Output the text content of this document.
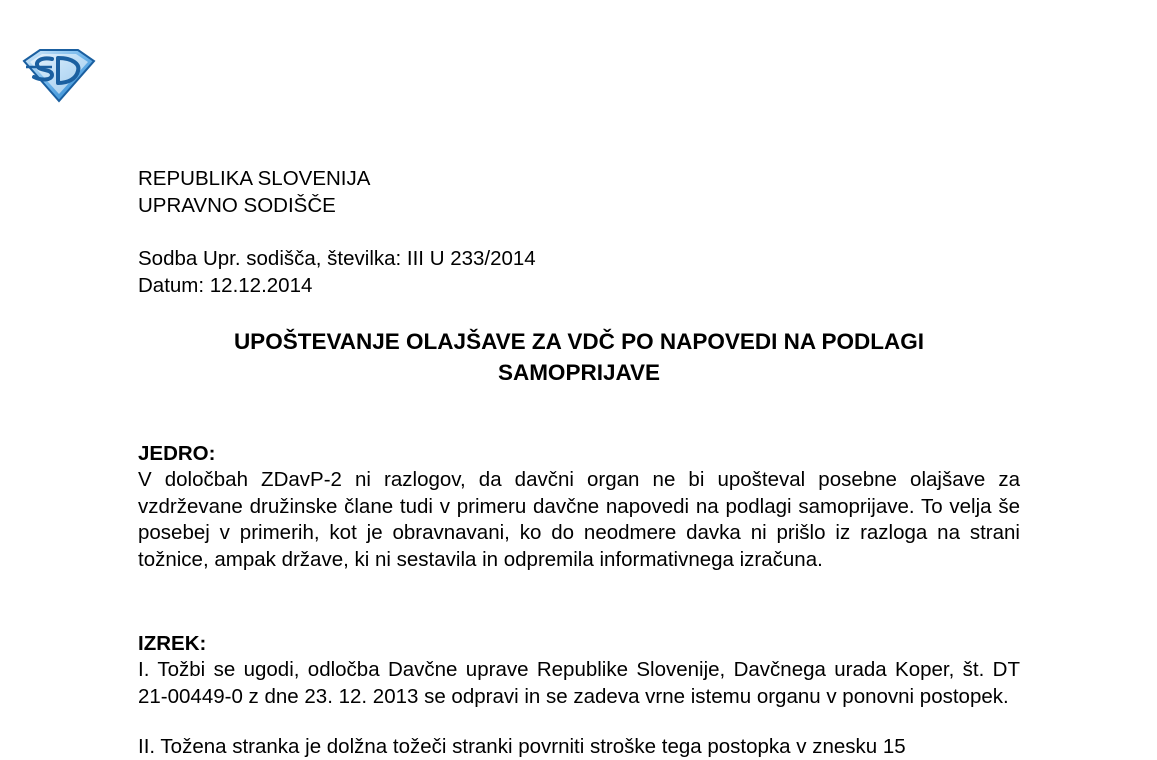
REPUBLIKA SLOVENIJA
UPRAVNO SODIŠČE
Sodba Upr. sodišča, številka: III U 233/2014
Datum: 12.12.2014
UPOŠTEVANJE OLAJŠAVE ZA VDČ PO NAPOVEDI NA PODLAGI
SAMOPRIJAVE
JEDRO:
V določbah ZDavP-2 ni razlogov, da davčni organ ne bi upošteval posebne olajšave za vzdrževane družinske člane tudi v primeru davčne napovedi na podlagi samoprijave. To velja še posebej v primerih, kot je obravnavani, ko do neodmere davka ni prišlo iz razloga na strani tožnice, ampak države, ki ni sestavila in odpremila informativnega izračuna.
IZREK:
I. Tožbi se ugodi, odločba Davčne uprave Republike Slovenije, Davčnega urada Koper, št. DT 21-00449-0 z dne 23. 12. 2013 se odpravi in se zadeva vrne istemu organu v ponovni postopek.
II. Tožena stranka je dolžna tožeči stranki povrniti stroške tega postopka v znesku 15
